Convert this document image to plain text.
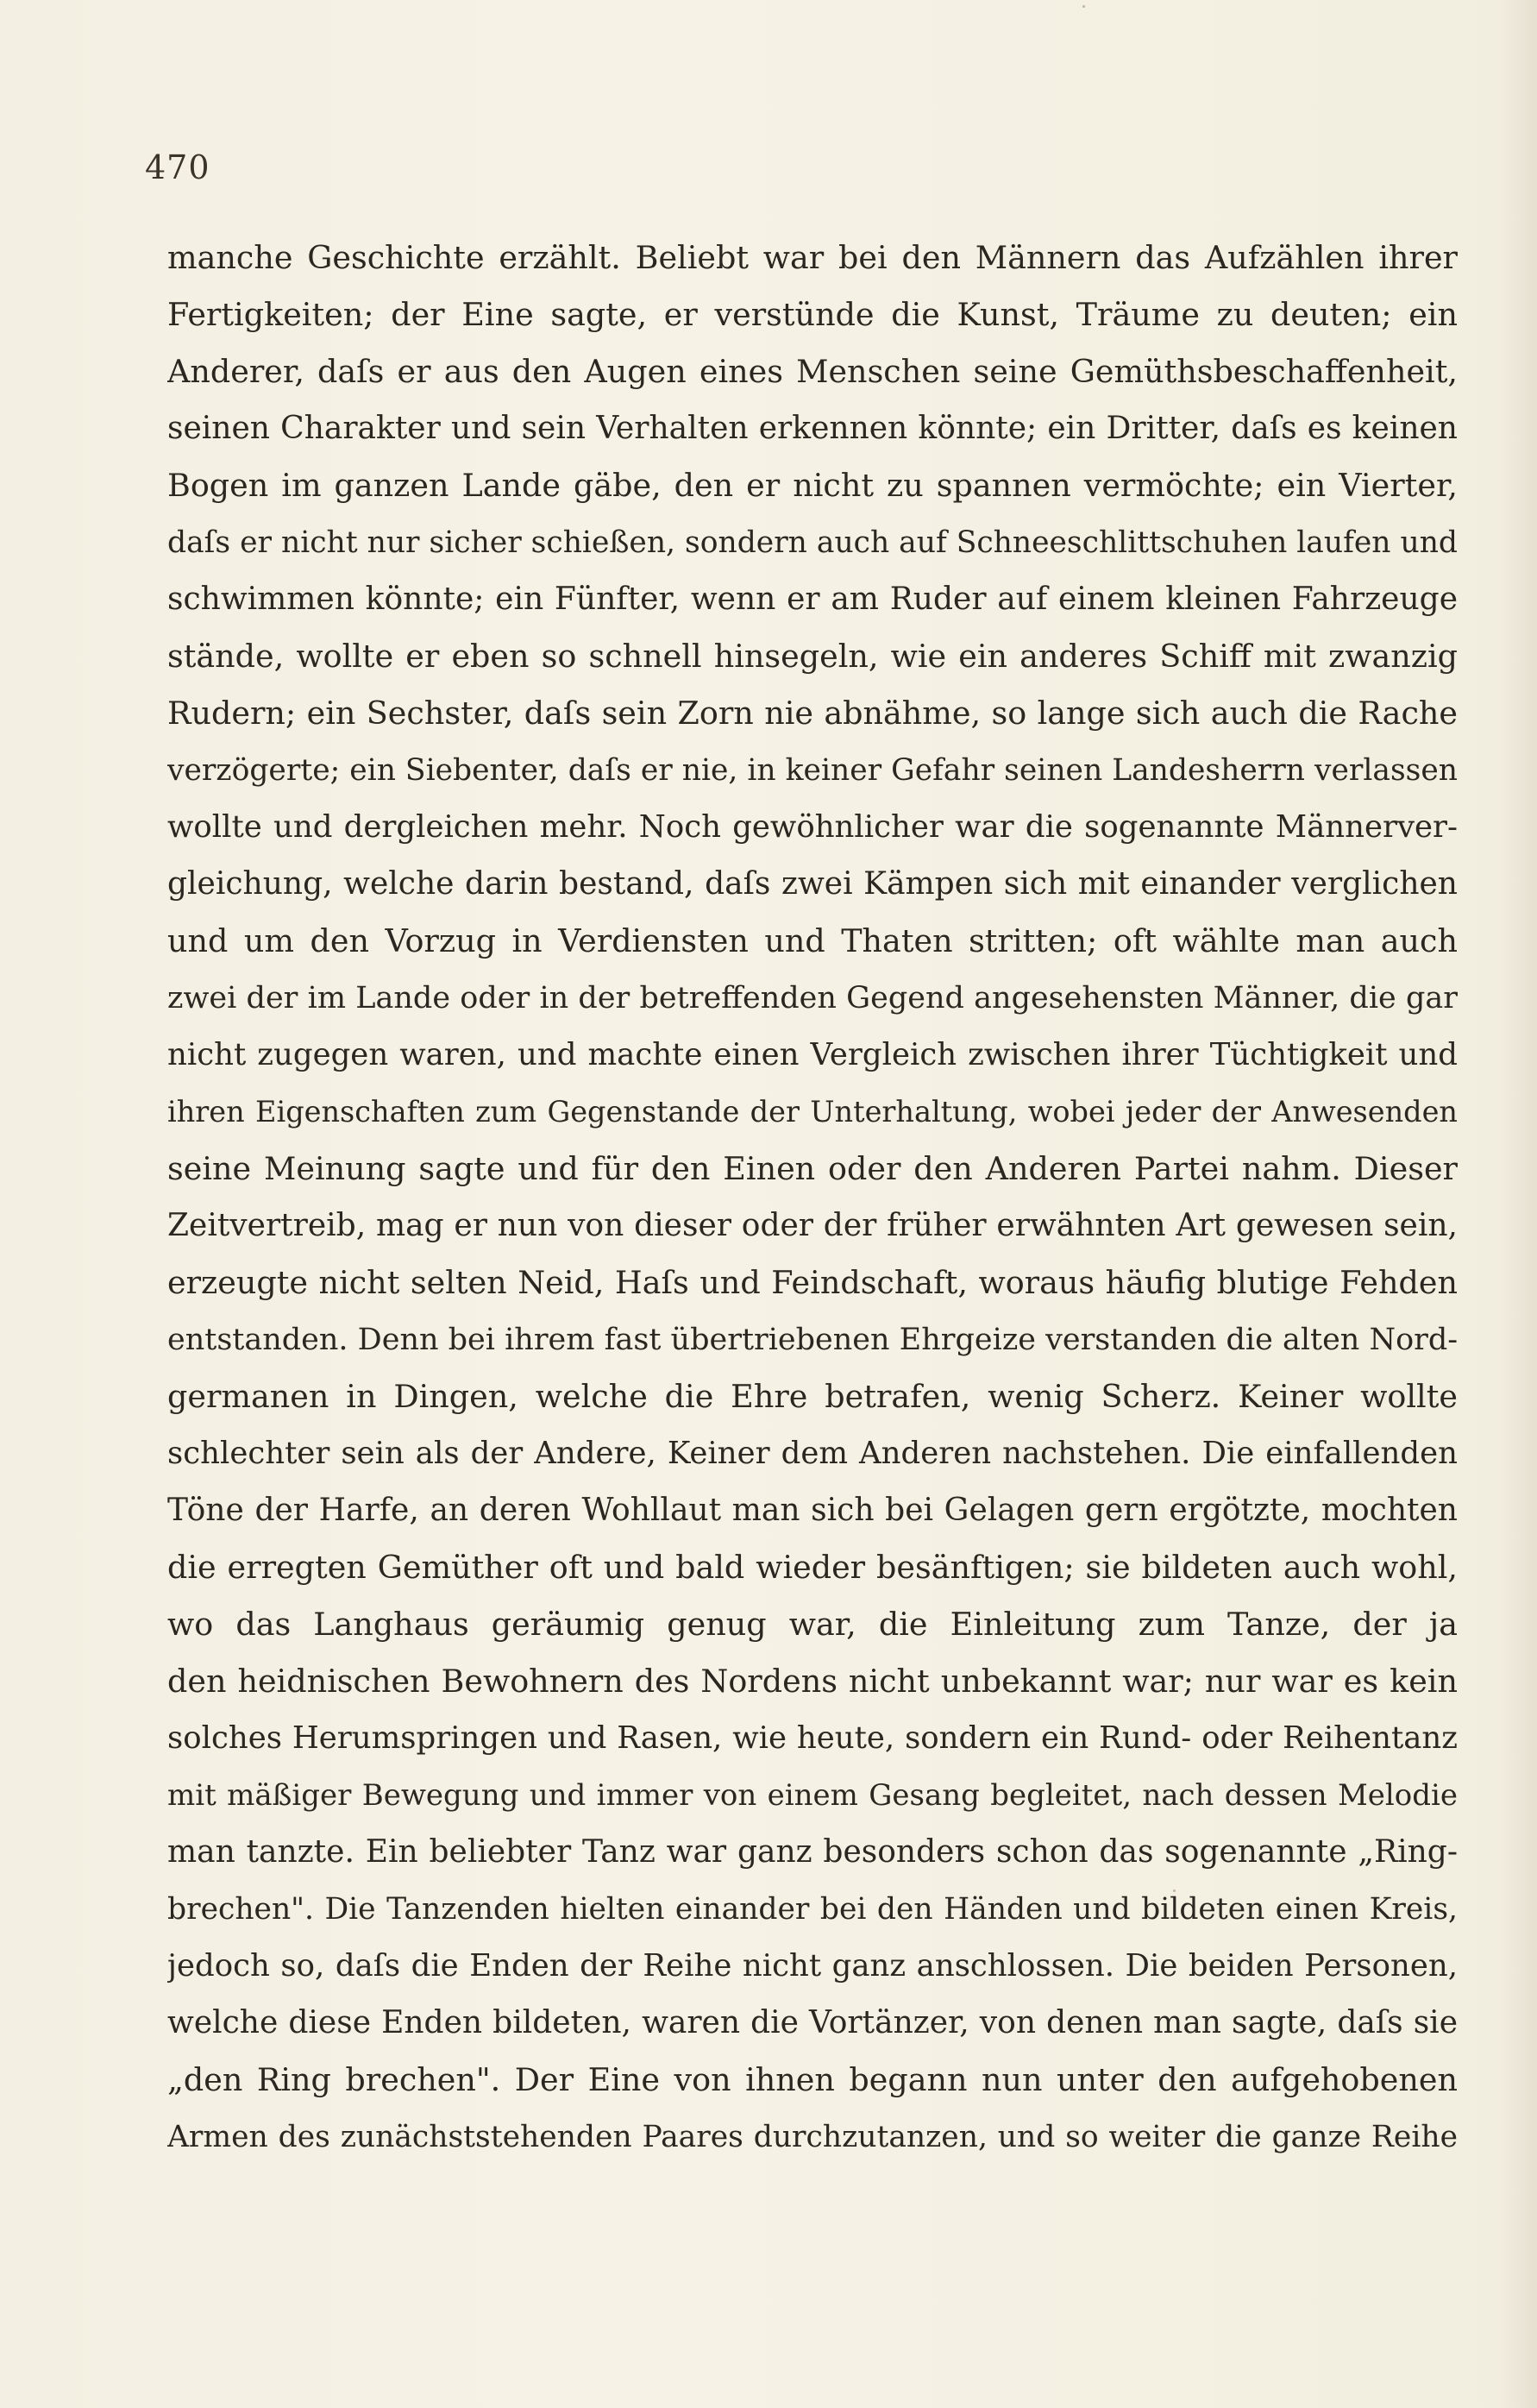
470
manche Geschichte erzählt. Beliebt war bei den Männern das Aufzählen ihrer
Fertigkeiten; der Eine sagte, er verstünde die Kunst, Träume zu deuten; ein
Anderer, daſs er aus den Augen eines Menschen seine Gemüthsbeschaffenheit,
seinen Charakter und sein Verhalten erkennen könnte; ein Dritter, daſs es keinen
Bogen im ganzen Lande gäbe, den er nicht zu spannen vermöchte; ein Vierter,
daſs er nicht nur sicher schießen, sondern auch auf Schneeschlittschuhen laufen und
schwimmen könnte; ein Fünfter, wenn er am Ruder auf einem kleinen Fahrzeuge
stände, wollte er eben so schnell hinsegeln, wie ein anderes Schiff mit zwanzig
Rudern; ein Sechster, daſs sein Zorn nie abnähme, so lange sich auch die Rache
verzögerte; ein Siebenter, daſs er nie, in keiner Gefahr seinen Landesherrn verlassen
wollte und dergleichen mehr. Noch gewöhnlicher war die sogenannte Männerver-
gleichung, welche darin bestand, daſs zwei Kämpen sich mit einander verglichen
und um den Vorzug in Verdiensten und Thaten stritten; oft wählte man auch
zwei der im Lande oder in der betreffenden Gegend angesehensten Männer, die gar
nicht zugegen waren, und machte einen Vergleich zwischen ihrer Tüchtigkeit und
ihren Eigenschaften zum Gegenstande der Unterhaltung, wobei jeder der Anwesenden
seine Meinung sagte und für den Einen oder den Anderen Partei nahm. Dieser
Zeitvertreib, mag er nun von dieser oder der früher erwähnten Art gewesen sein,
erzeugte nicht selten Neid, Haſs und Feindschaft, woraus häufig blutige Fehden
entstanden. Denn bei ihrem fast übertriebenen Ehrgeize verstanden die alten Nord-
germanen in Dingen, welche die Ehre betrafen, wenig Scherz. Keiner wollte
schlechter sein als der Andere, Keiner dem Anderen nachstehen. Die einfallenden
Töne der Harfe, an deren Wohllaut man sich bei Gelagen gern ergötzte, mochten
die erregten Gemüther oft und bald wieder besänftigen; sie bildeten auch wohl,
wo das Langhaus geräumig genug war, die Einleitung zum Tanze, der ja
den heidnischen Bewohnern des Nordens nicht unbekannt war; nur war es kein
solches Herumspringen und Rasen, wie heute, sondern ein Rund- oder Reihentanz
mit mäßiger Bewegung und immer von einem Gesang begleitet, nach dessen Melodie
man tanzte. Ein beliebter Tanz war ganz besonders schon das sogenannte „Ring-
brechen". Die Tanzenden hielten einander bei den Händen und bildeten einen Kreis,
jedoch so, daſs die Enden der Reihe nicht ganz anschlossen. Die beiden Personen,
welche diese Enden bildeten, waren die Vortänzer, von denen man sagte, daſs sie
„den Ring brechen". Der Eine von ihnen begann nun unter den aufgehobenen
Armen des zunächststehenden Paares durchzutanzen, und so weiter die ganze Reihe
